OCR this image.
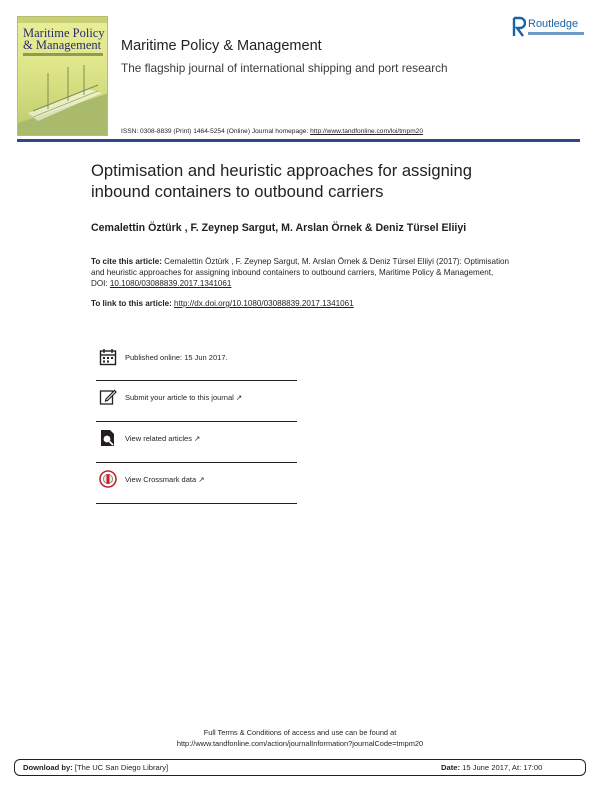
Maritime Policy
& Management Maritime Policy & Management
The flagship journal of international shipping and port research
ISSN: 0308-8839 (Print) 1464-5254 (Online) Journal homepage: http://www.tandfonline.com/loi/tmpm20
Routledge
Optimisation and heuristic approaches for assigning inbound containers to outbound carriers
Cemalettin Öztürk , F. Zeynep Sargut, M. Arslan Örnek & Deniz Türsel Eliiyi
To cite this article: Cemalettin Öztürk , F. Zeynep Sargut, M. Arslan Örnek & Deniz Türsel Eliiyi (2017): Optimisation and heuristic approaches for assigning inbound containers to outbound carriers, Maritime Policy & Management, DOI: 10.1080/03088839.2017.1341061
To link to this article: http://dx.doi.org/10.1080/03088839.2017.1341061
Published online: 15 Jun 2017.
Submit your article to this journal ↗
View related articles ↗
View Crossmark data ↗
Full Terms & Conditions of access and use can be found at
http://www.tandfonline.com/action/journalInformation?journalCode=tmpm20
Download by: [The UC San Diego Library]	Date: 15 June 2017, At: 17:00
